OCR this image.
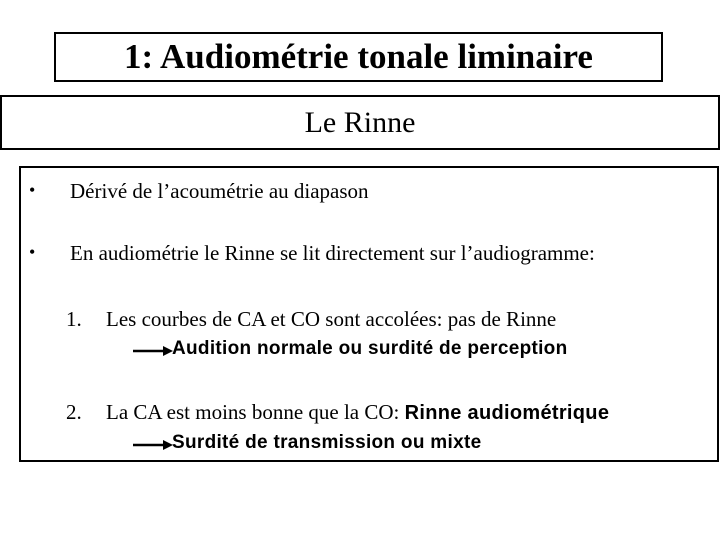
1: Audiométrie tonale liminaire
Le Rinne
• Dérivé de l’acoumétrie au diapason
• En audiométrie le Rinne se lit directement sur l’audiogramme:
1. Les courbes de CA et CO sont accolées: pas de Rinne
Audition normale ou surdité de perception
2. La CA est moins bonne que la CO: Rinne audiométrique
Surdité de transmission ou mixte
